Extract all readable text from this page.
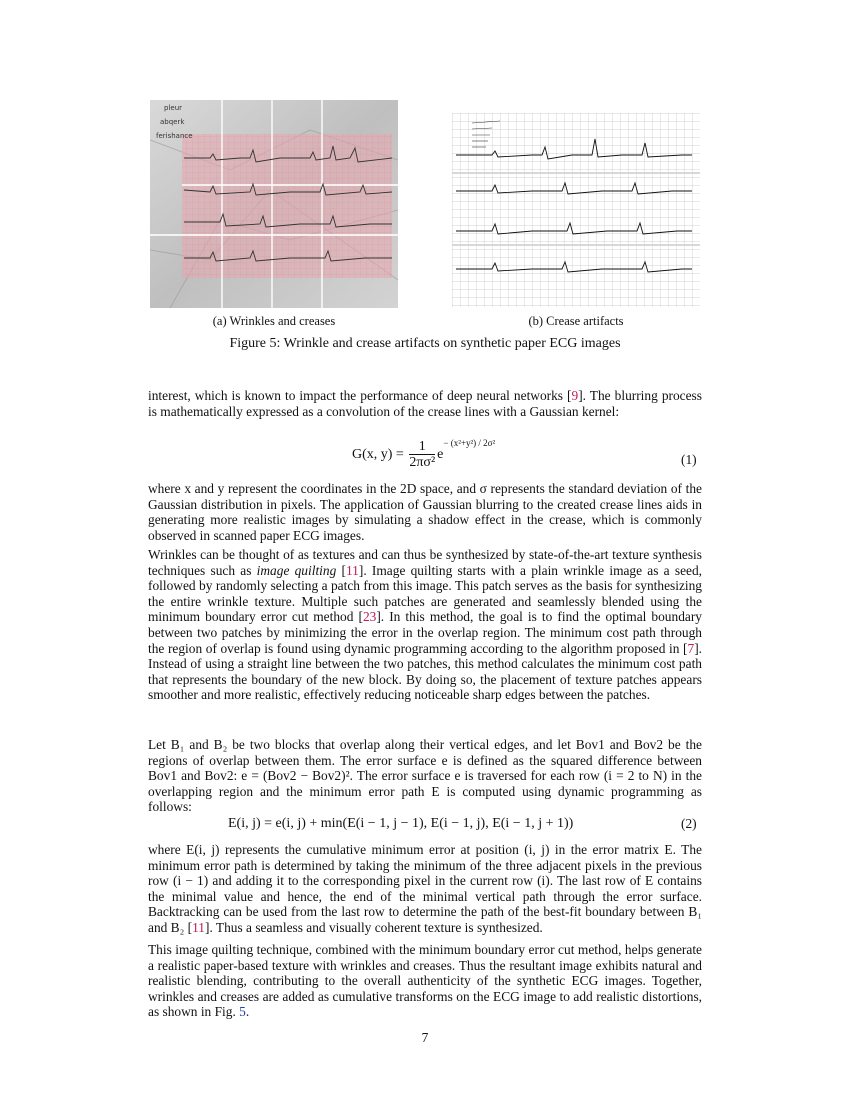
pleur
abqerk
ferishance
(a) Wrinkles and creases	(b) Crease artifacts
Figure 5: Wrinkle and crease artifacts on synthetic paper ECG images

interest, which is known to impact the performance of deep neural networks [9]. The blurring process is mathematically expressed as a convolution of the crease lines with a Gaussian kernel:

G(x, $y) = \frac{1}{\text{2πσ²}} e^{- (x^2+y^2) / 2\sigma^2}$
(1)

where x and y represent the coordinates in the 2D space, and σ represents the standard deviation of the Gaussian distribution in pixels. The application of Gaussian blurring to the created crease lines aids in generating more realistic images by simulating a shadow effect in the crease, which is commonly observed in scanned paper ECG images.

Wrinkles can be thought of as textures and can thus be synthesized by state-of-the-art texture synthesis techniques such as image quilting [11]. Image quilting starts with a plain wrinkle image as a seed, followed by randomly selecting a patch from this image. This patch serves as the basis for synthesizing the entire wrinkle texture. Multiple such patches are generated and seamlessly blended using the minimum boundary error cut method [23]. In this method, the goal is to find the optimal boundary between two patches by minimizing the error in the overlap region. The minimum cost path through the region of overlap is found using dynamic programming according to the algorithm proposed in [7]. Instead of using a straight line between the two patches, this method calculates the minimum cost path that represents the boundary of the new block. By doing so, the placement of texture patches appears smoother and more realistic, effectively reducing noticeable sharp edges between the patches.

Let B₁ and B₂ be two blocks that overlap along their vertical edges, and let Bov1 and Bov2 be the regions of overlap between them. The error surface e is defined as the squared difference between Bov1 and Bov2: e = (Bov2 − Bov2)². The error surface e is traversed for each row (i = 2 to N) in the overlapping region and the minimum error path E is computed using dynamic programming as follows:

E(i, j) = e(i, j) + min(E(i − 1, j − 1), E(i − 1, j), E(i − 1, j + 1))	(2)

where E(i, j) represents the cumulative minimum error at position (i, j) in the error matrix E. The minimum error path is determined by taking the minimum of the three adjacent pixels in the previous row (i − 1) and adding it to the corresponding pixel in the current row (i). The last row of E contains the minimal value and hence, the end of the minimal vertical path through the error surface. Backtracking can be used from the last row to determine the path of the best-fit boundary between B₁ and B₂ [11]. Thus a seamless and visually coherent texture is synthesized.

This image quilting technique, combined with the minimum boundary error cut method, helps generate a realistic paper-based texture with wrinkles and creases. Thus the resultant image exhibits natural and realistic blending, contributing to the overall authenticity of the synthetic ECG images. Together, wrinkles and creases are added as cumulative transforms on the ECG image to add realistic distortions, as shown in Fig. 5.

7
